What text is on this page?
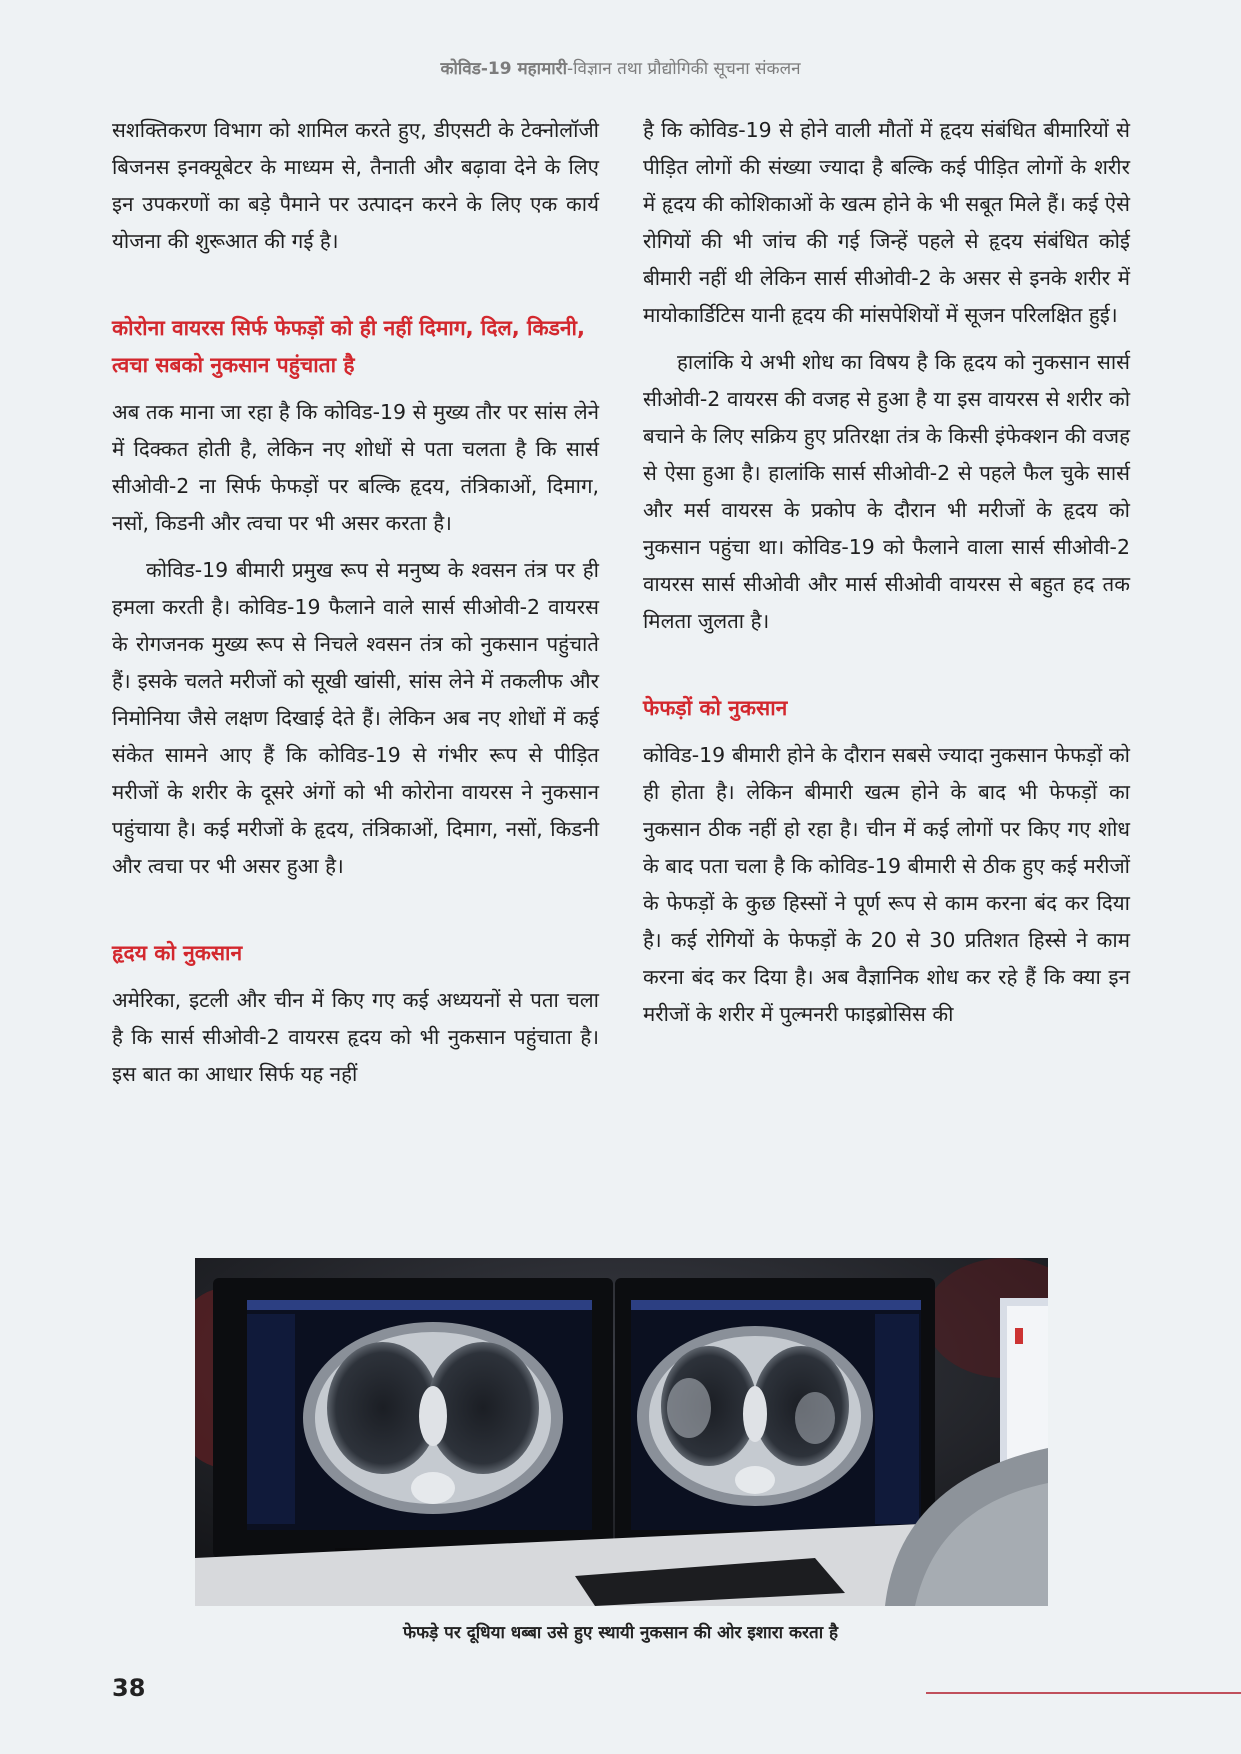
कोविड-19 महामारी-विज्ञान तथा प्रौद्योगिकी सूचना संकलन

सशक्तिकरण विभाग को शामिल करते हुए, डीएसटी के टेक्नोलॉजी बिजनस इनक्यूबेटर के माध्यम से, तैनाती और बढ़ावा देने के लिए इन उपकरणों का बड़े पैमाने पर उत्पादन करने के लिए एक कार्य योजना की शुरूआत की गई है।

कोरोना वायरस सिर्फ फेफड़ों को ही नहीं दिमाग, दिल, किडनी, त्वचा सबको नुकसान पहुंचाता है

अब तक माना जा रहा है कि कोविड-19 से मुख्य तौर पर सांस लेने में दिक्कत होती है, लेकिन नए शोधों से पता चलता है कि सार्स सीओवी-2 ना सिर्फ फेफड़ों पर बल्कि हृदय, तंत्रिकाओं, दिमाग, नसों, किडनी और त्वचा पर भी असर करता है।

कोविड-19 बीमारी प्रमुख रूप से मनुष्य के श्वसन तंत्र पर ही हमला करती है। कोविड-19 फैलाने वाले सार्स सीओवी-2 वायरस के रोगजनक मुख्य रूप से निचले श्वसन तंत्र को नुकसान पहुंचाते हैं। इसके चलते मरीजों को सूखी खांसी, सांस लेने में तकलीफ और निमोनिया जैसे लक्षण दिखाई देते हैं। लेकिन अब नए शोधों में कई संकेत सामने आए हैं कि कोविड-19 से गंभीर रूप से पीड़ित मरीजों के शरीर के दूसरे अंगों को भी कोरोना वायरस ने नुकसान पहुंचाया है। कई मरीजों के हृदय, तंत्रिकाओं, दिमाग, नसों, किडनी और त्वचा पर भी असर हुआ है।

हृदय को नुकसान

अमेरिका, इटली और चीन में किए गए कई अध्ययनों से पता चला है कि सार्स सीओवी-2 वायरस हृदय को भी नुकसान पहुंचाता है। इस बात का आधार सिर्फ यह नहीं

है कि कोविड-19 से होने वाली मौतों में हृदय संबंधित बीमारियों से पीड़ित लोगों की संख्या ज्यादा है बल्कि कई पीड़ित लोगों के शरीर में हृदय की कोशिकाओं के खत्म होने के भी सबूत मिले हैं। कई ऐसे रोगियों की भी जांच की गई जिन्हें पहले से हृदय संबंधित कोई बीमारी नहीं थी लेकिन सार्स सीओवी-2 के असर से इनके शरीर में मायोकार्डिटिस यानी हृदय की मांसपेशियों में सूजन परिलक्षित हुई।

हालांकि ये अभी शोध का विषय है कि हृदय को नुकसान सार्स सीओवी-2 वायरस की वजह से हुआ है या इस वायरस से शरीर को बचाने के लिए सक्रिय हुए प्रतिरक्षा तंत्र के किसी इंफेक्शन की वजह से ऐसा हुआ है। हालांकि सार्स सीओवी-2 से पहले फैल चुके सार्स और मर्स वायरस के प्रकोप के दौरान भी मरीजों के हृदय को नुकसान पहुंचा था। कोविड-19 को फैलाने वाला सार्स सीओवी-2 वायरस सार्स सीओवी और मार्स सीओवी वायरस से बहुत हद तक मिलता जुलता है।

फेफड़ों को नुकसान

कोविड-19 बीमारी होने के दौरान सबसे ज्यादा नुकसान फेफड़ों को ही होता है। लेकिन बीमारी खत्म होने के बाद भी फेफड़ों का नुकसान ठीक नहीं हो रहा है। चीन में कई लोगों पर किए गए शोध के बाद पता चला है कि कोविड-19 बीमारी से ठीक हुए कई मरीजों के फेफड़ों के कुछ हिस्सों ने पूर्ण रूप से काम करना बंद कर दिया है। कई रोगियों के फेफड़ों के 20 से 30 प्रतिशत हिस्से ने काम करना बंद कर दिया है। अब वैज्ञानिक शोध कर रहे हैं कि क्या इन मरीजों के शरीर में पुल्मनरी फाइब्रोसिस की

फेफड़े पर दूधिया धब्बा उसे हुए स्थायी नुकसान की ओर इशारा करता है
38
